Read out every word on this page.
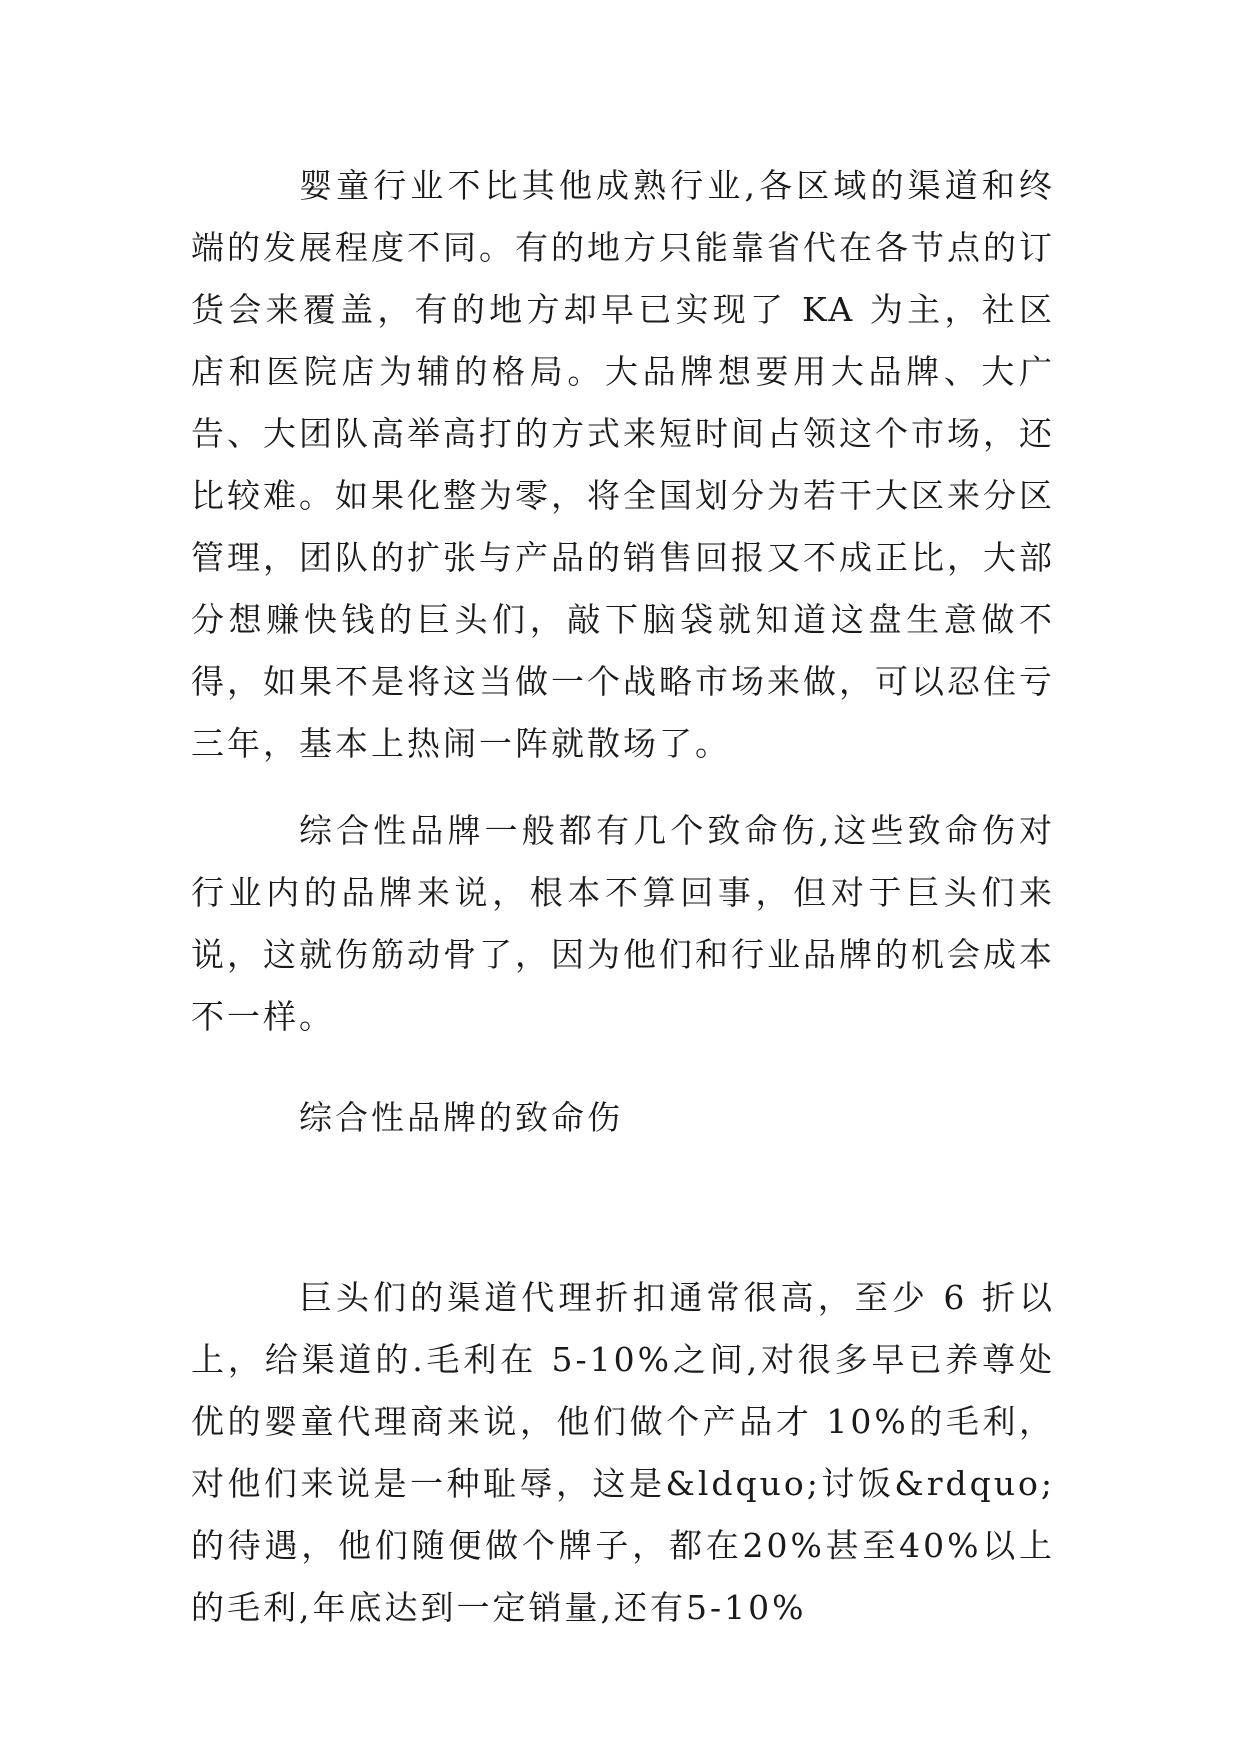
婴童行业不比其他成熟行业,各区域的渠道和终端的发展程度不同。有的地方只能靠省代在各节点的订货会来覆盖，有的地方却早已实现了 KA 为主，社区店和医院店为辅的格局。大品牌想要用大品牌、大广告、大团队高举高打的方式来短时间占领这个市场，还比较难。如果化整为零，将全国划分为若干大区来分区管理，团队的扩张与产品的销售回报又不成正比，大部分想赚快钱的巨头们，敲下脑袋就知道这盘生意做不得，如果不是将这当做一个战略市场来做，可以忍住亏三年，基本上热闹一阵就散场了。

综合性品牌一般都有几个致命伤,这些致命伤对行业内的品牌来说，根本不算回事，但对于巨头们来说，这就伤筋动骨了，因为他们和行业品牌的机会成本不一样。

综合性品牌的致命伤

巨头们的渠道代理折扣通常很高，至少 6 折以上，给渠道的.毛利在 5-10%之间,对很多早已养尊处优的婴童代理商来说，他们做个产品才 10%的毛利，对他们来说是一种耻辱，这是&ldquo;讨饭&rdquo;的待遇，他们随便做个牌子，都在20%甚至40%以上的毛利,年底达到一定销量,还有5-10%
